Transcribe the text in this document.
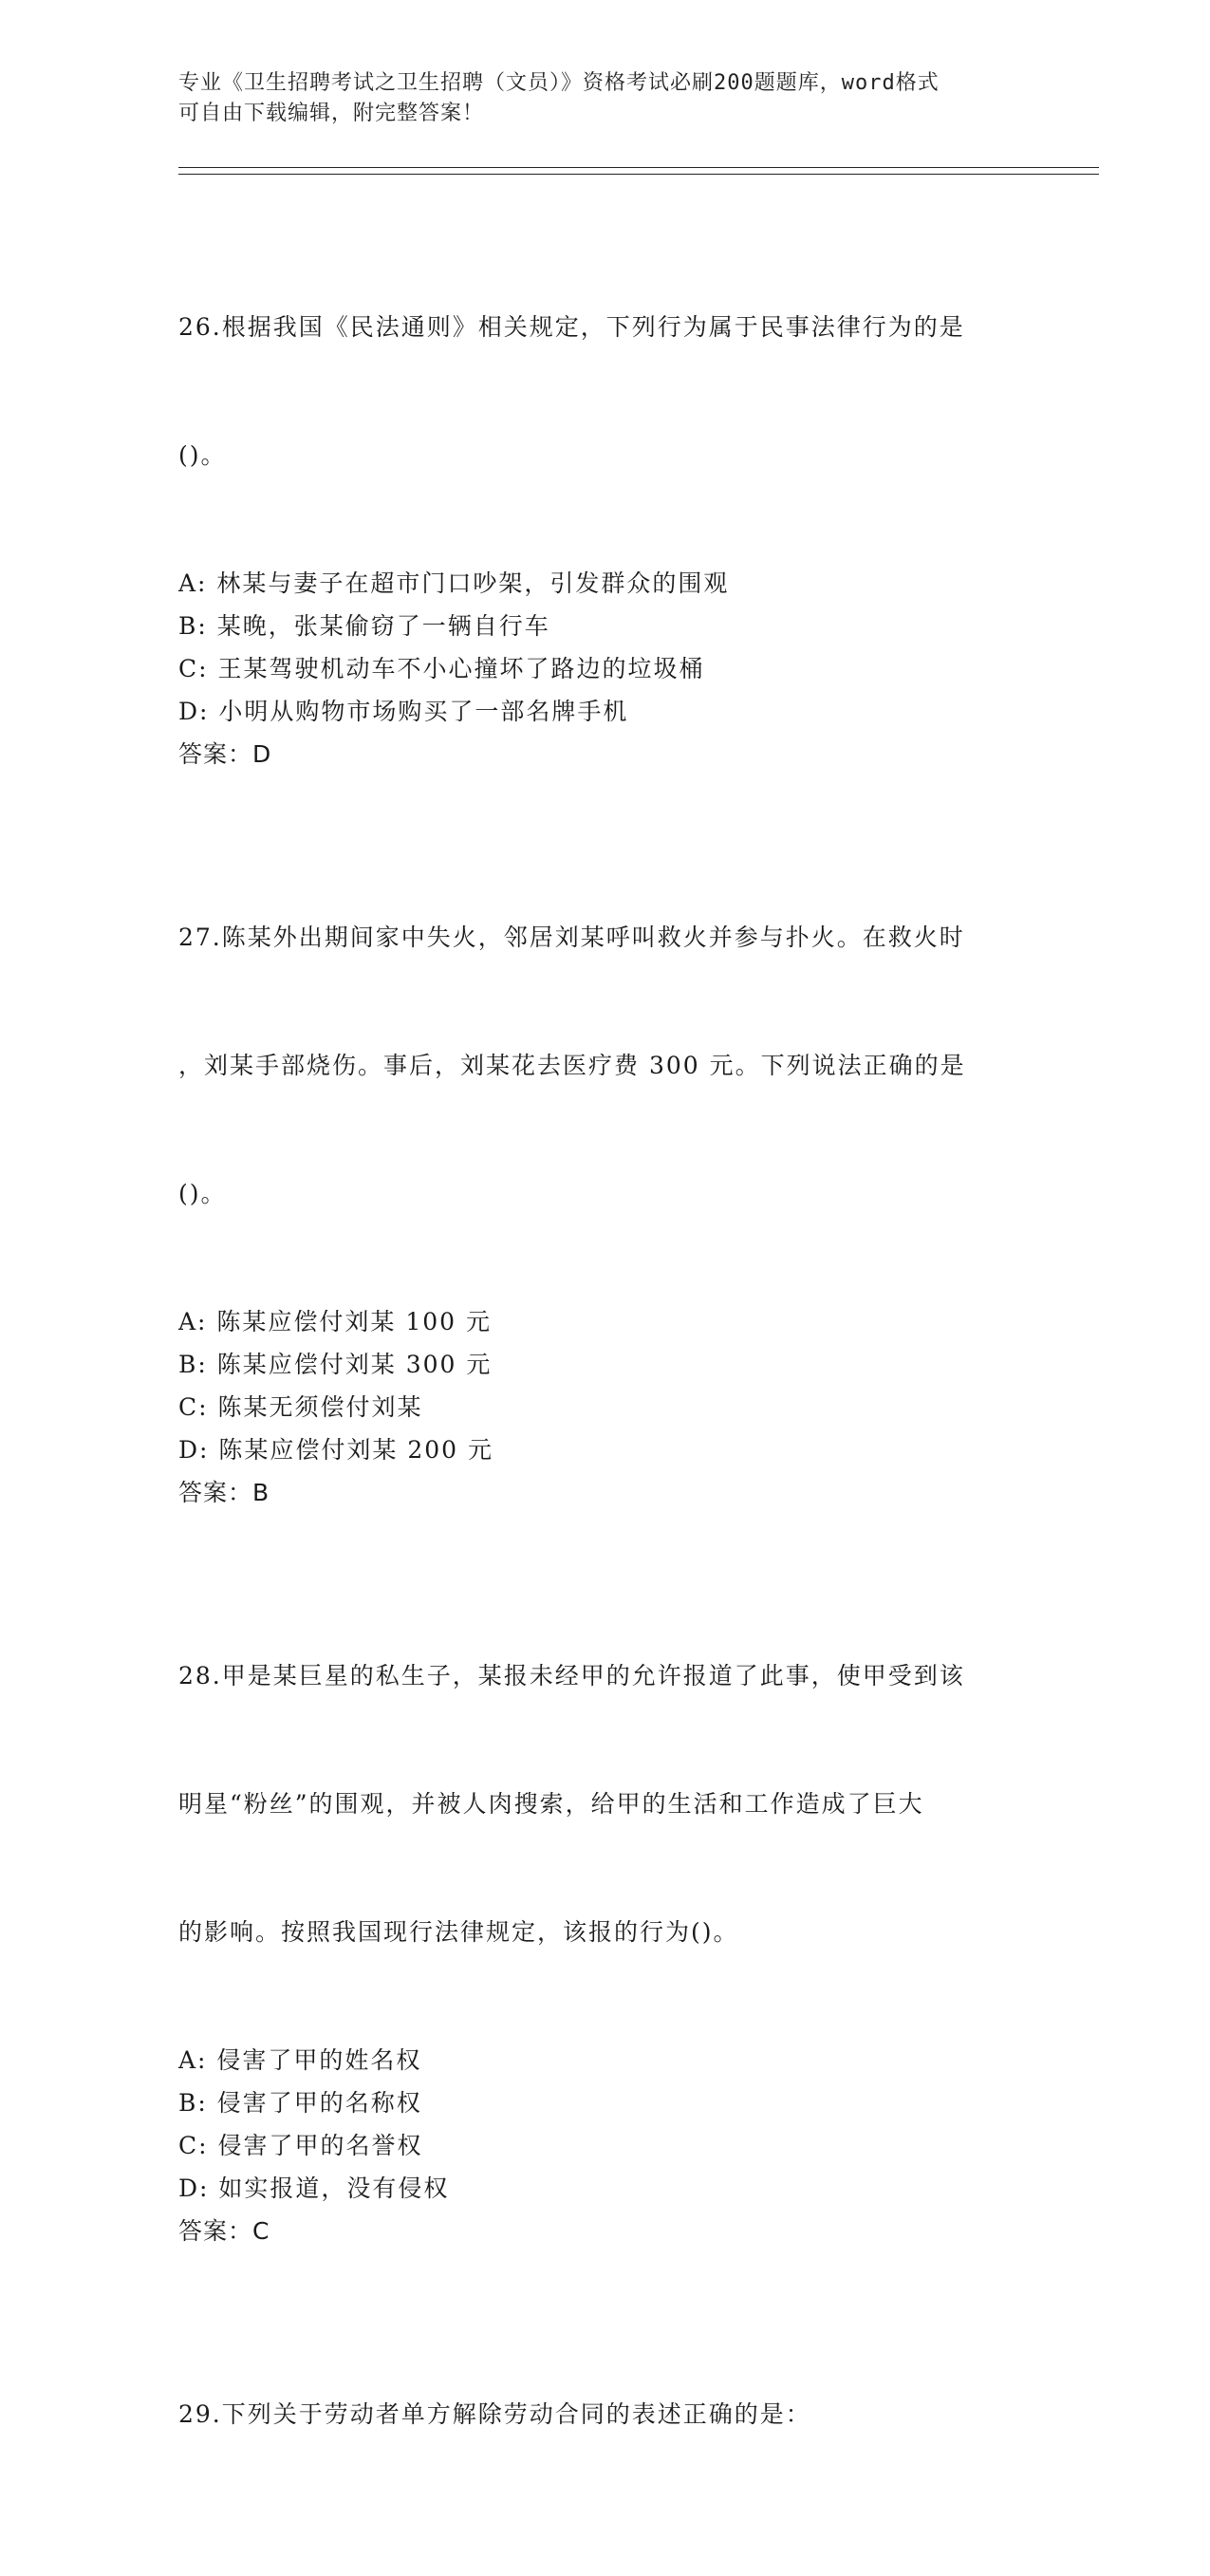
专业《卫生招聘考试之卫生招聘（文员）》资格考试必刷200题题库，word格式
可自由下载编辑，附完整答案！

26.根据我国《民法通则》相关规定，下列行为属于民事法律行为的是

()。

A: 林某与妻子在超市门口吵架，引发群众的围观
B: 某晚，张某偷窃了一辆自行车
C: 王某驾驶机动车不小心撞坏了路边的垃圾桶
D: 小明从购物市场购买了一部名牌手机
答案：D

27.陈某外出期间家中失火，邻居刘某呼叫救火并参与扑火。在救火时

，刘某手部烧伤。事后，刘某花去医疗费 300 元。下列说法正确的是

()。

A: 陈某应偿付刘某 100 元
B: 陈某应偿付刘某 300 元
C: 陈某无须偿付刘某
D: 陈某应偿付刘某 200 元
答案：B

28.甲是某巨星的私生子，某报未经甲的允许报道了此事，使甲受到该

明星“粉丝”的围观，并被人肉搜索，给甲的生活和工作造成了巨大

的影响。按照我国现行法律规定，该报的行为()。

A: 侵害了甲的姓名权
B: 侵害了甲的名称权
C: 侵害了甲的名誉权
D: 如实报道，没有侵权
答案：C

29.下列关于劳动者单方解除劳动合同的表述正确的是：
